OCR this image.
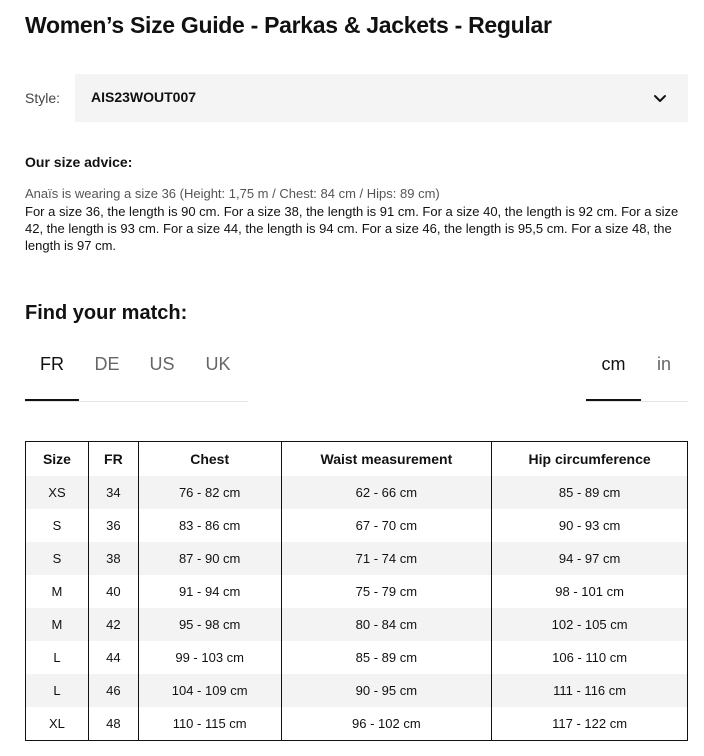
Women’s Size Guide - Parkas & Jackets - Regular
Style: AIS23WOUT007
Our size advice:
Anaïs is wearing a size 36 (Height: 1,75 m / Chest: 84 cm / Hips: 89 cm)
For a size 36, the length is 90 cm. For a size 38, the length is 91 cm. For a size 40, the length is 92 cm. For a size 42, the length is 93 cm. For a size 44, the length is 94 cm. For a size 46, the length is 95,5 cm. For a size 48, the length is 97 cm.
Find your match:
FR	DE	US	UK	cm	in
Size	FR	Chest	Waist measurement	Hip circumference
XS	34	76 - 82 cm	62 - 66 cm	85 - 89 cm
S	36	83 - 86 cm	67 - 70 cm	90 - 93 cm
S	38	87 - 90 cm	71 - 74 cm	94 - 97 cm
M	40	91 - 94 cm	75 - 79 cm	98 - 101 cm
M	42	95 - 98 cm	80 - 84 cm	102 - 105 cm
L	44	99 - 103 cm	85 - 89 cm	106 - 110 cm
L	46	104 - 109 cm	90 - 95 cm	111 - 116 cm
XL	48	110 - 115 cm	96 - 102 cm	117 - 122 cm
